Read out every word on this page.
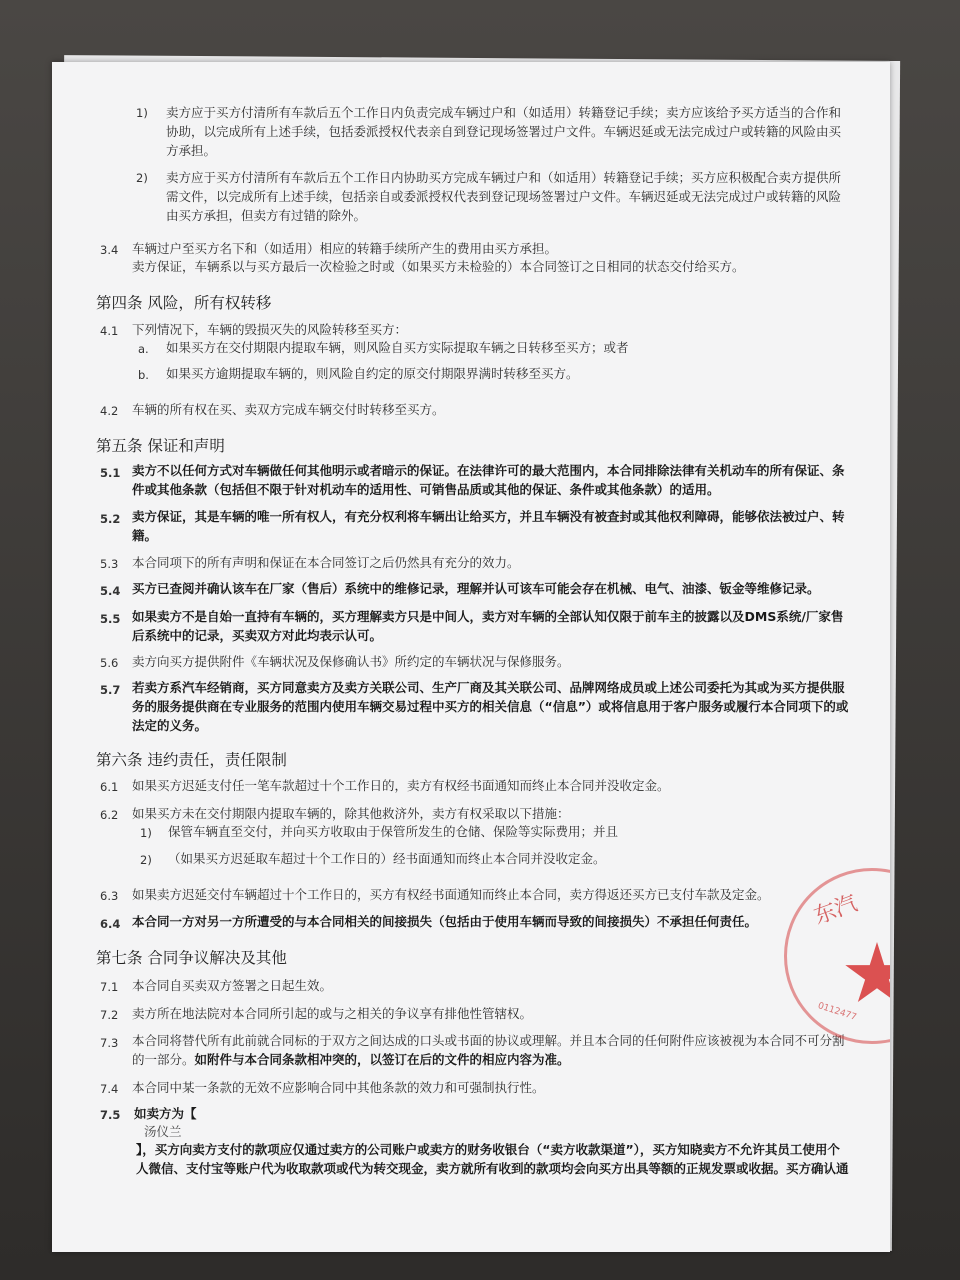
1) 卖方应于买方付清所有车款后五个工作日内负责完成车辆过户和（如适用）转籍登记手续；卖方应该给予买方适当的合作和
协助，以完成所有上述手续，包括委派授权代表亲自到登记现场签署过户文件。车辆迟延或无法完成过户或转籍的风险由买
方承担。
2) 卖方应于买方付清所有车款后五个工作日内协助买方完成车辆过户和（如适用）转籍登记手续；买方应积极配合卖方提供所
需文件，以完成所有上述手续，包括亲自或委派授权代表到登记现场签署过户文件。车辆迟延或无法完成过户或转籍的风险
由买方承担，但卖方有过错的除外。
3.4 车辆过户至买方名下和（如适用）相应的转籍手续所产生的费用由买方承担。
卖方保证，车辆系以与买方最后一次检验之时或（如果买方未检验的）本合同签订之日相同的状态交付给买方。
第四条 风险，所有权转移
4.1 下列情况下，车辆的毁损灭失的风险转移至买方：
a. 如果买方在交付期限内提取车辆，则风险自买方实际提取车辆之日转移至买方；或者
b. 如果买方逾期提取车辆的，则风险自约定的原交付期限界满时转移至买方。
4.2 车辆的所有权在买、卖双方完成车辆交付时转移至买方。
第五条 保证和声明
5.1 卖方不以任何方式对车辆做任何其他明示或者暗示的保证。在法律许可的最大范围内，本合同排除法律有关机动车的所有保证、条
件或其他条款（包括但不限于针对机动车的适用性、可销售品质或其他的保证、条件或其他条款）的适用。
5.2 卖方保证，其是车辆的唯一所有权人，有充分权利将车辆出让给买方，并且车辆没有被查封或其他权利障碍，能够依法被过户、转
籍。
5.3 本合同项下的所有声明和保证在本合同签订之后仍然具有充分的效力。
5.4 买方已查阅并确认该车在厂家（售后）系统中的维修记录，理解并认可该车可能会存在机械、电气、油漆、钣金等维修记录。
5.5 如果卖方不是自始一直持有车辆的，买方理解卖方只是中间人，卖方对车辆的全部认知仅限于前车主的披露以及DMS系统/厂家售
后系统中的记录，买卖双方对此均表示认可。
5.6 卖方向买方提供附件《车辆状况及保修确认书》所约定的车辆状况与保修服务。
5.7 若卖方系汽车经销商，买方同意卖方及卖方关联公司、生产厂商及其关联公司、品牌网络成员或上述公司委托为其或为买方提供服
务的服务提供商在专业服务的范围内使用车辆交易过程中买方的相关信息（“信息”）或将信息用于客户服务或履行本合同项下的或
法定的义务。
第六条 违约责任，责任限制
6.1 如果买方迟延支付任一笔车款超过十个工作日的，卖方有权经书面通知而终止本合同并没收定金。
6.2 如果买方未在交付期限内提取车辆的，除其他救济外，卖方有权采取以下措施：
1) 保管车辆直至交付，并向买方收取由于保管所发生的仓储、保险等实际费用；并且
2) （如果买方迟延取车超过十个工作日的）经书面通知而终止本合同并没收定金。
6.3 如果卖方迟延交付车辆超过十个工作日的，买方有权经书面通知而终止本合同，卖方得返还买方已支付车款及定金。
6.4 本合同一方对另一方所遭受的与本合同相关的间接损失（包括由于使用车辆而导致的间接损失）不承担任何责任。
第七条 合同争议解决及其他
7.1 本合同自买卖双方签署之日起生效。
7.2 卖方所在地法院对本合同所引起的或与之相关的争议享有排他性管辖权。
7.3 本合同将替代所有此前就合同标的于双方之间达成的口头或书面的协议或理解。并且本合同的任何附件应该被视为本合同不可分割
的一部分。如附件与本合同条款相冲突的，以签订在后的文件的相应内容为准。
7.4 本合同中某一条款的无效不应影响合同中其他条款的效力和可强制执行性。
7.5 如卖方为【
汤仪兰
】，买方向卖方支付的款项应仅通过卖方的公司账户或卖方的财务收银台（“卖方收款渠道”），买方知晓卖方不允许其员工使用个
人微信、支付宝等账户代为收取款项或代为转交现金，卖方就所有收到的款项均会向买方出具等额的正规发票或收据。买方确认通
东汽
0112477
